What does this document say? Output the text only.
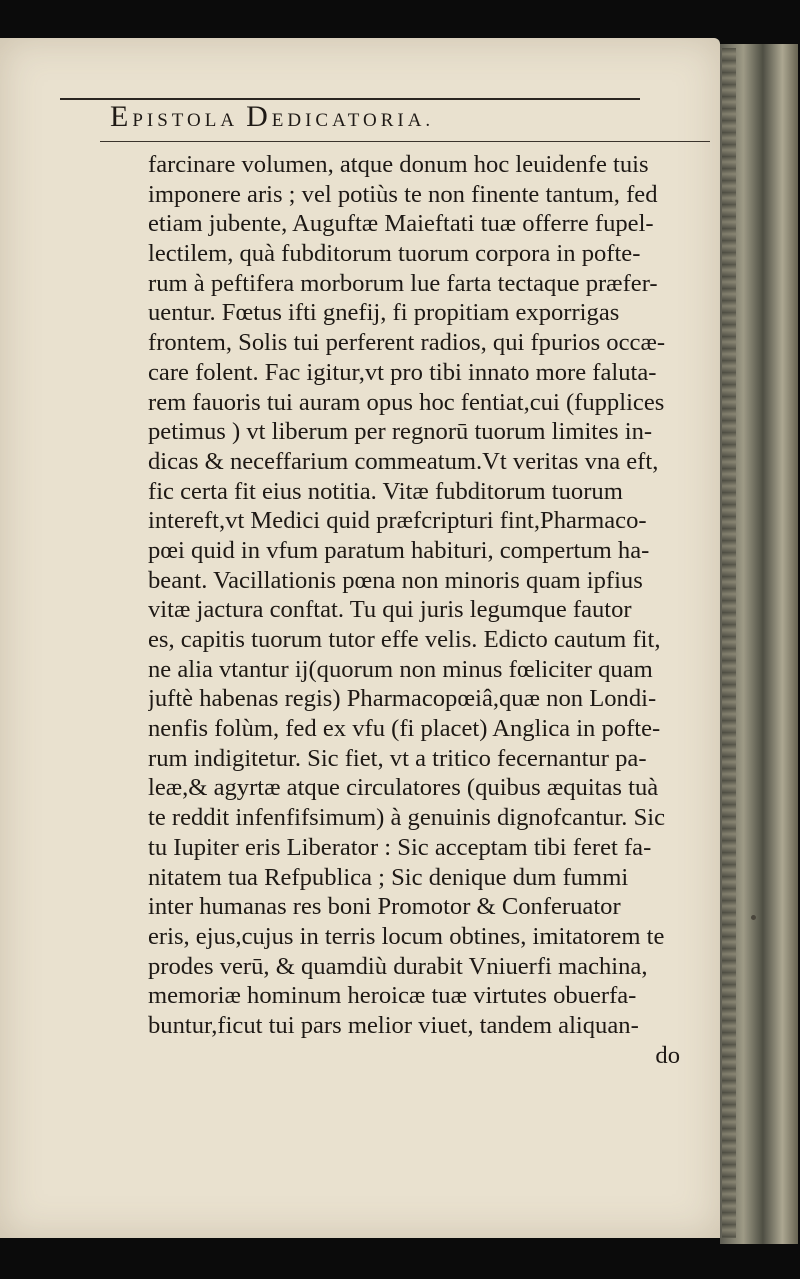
EPISTOLA DEDICATORIA.
farcinare volumen, atque donum hoc leuidenfe tuis
imponere aris ; vel potiùs te non finente tantum, fed
etiam jubente, Auguftæ Maieftati tuæ offerre fupel-
lectilem, quà fubditorum tuorum corpora in pofte-
rum à peftifera morborum lue farta tectaque præfer-
uentur. Fœtus ifti gnefij, fi propitiam exporrigas
frontem, Solis tui perferent radios, qui fpurios occæ-
care folent. Fac igitur,vt pro tibi innato more faluta-
rem fauoris tui auram opus hoc fentiat,cui (fupplices
petimus ) vt liberum per regnorū tuorum limites in-
dicas & neceffarium commeatum.Vt veritas vna eft,
fic certa fit eius notitia. Vitæ fubditorum tuorum
intereft,vt Medici quid præfcripturi fint,Pharmaco-
pœi quid in vfum paratum habituri, compertum ha-
beant. Vacillationis pœna non minoris quam ipfius
vitæ jactura conftat. Tu qui juris legumque fautor
es, capitis tuorum tutor effe velis. Edicto cautum fit,
ne alia vtantur ij(quorum non minus fœliciter quam
juftè habenas regis) Pharmacopœiâ,quæ non Londi-
nenfis folùm, fed ex vfu (fi placet) Anglica in pofte-
rum indigitetur. Sic fiet, vt a tritico fecernantur pa-
leæ,& agyrtæ atque circulatores (quibus æquitas tuà
te reddit infenfifsimum) à genuinis dignofcantur. Sic
tu Iupiter eris Liberator : Sic acceptam tibi feret fa-
nitatem tua Refpublica ; Sic denique dum fummi
inter humanas res boni Promotor & Conferuator
eris, ejus,cujus in terris locum obtines, imitatorem te
prodes verū, & quamdiù durabit Vniuerfi machina,
memoriæ hominum heroicæ tuæ virtutes obuerfa-
buntur,ficut tui pars melior viuet, tandem aliquan-
do
